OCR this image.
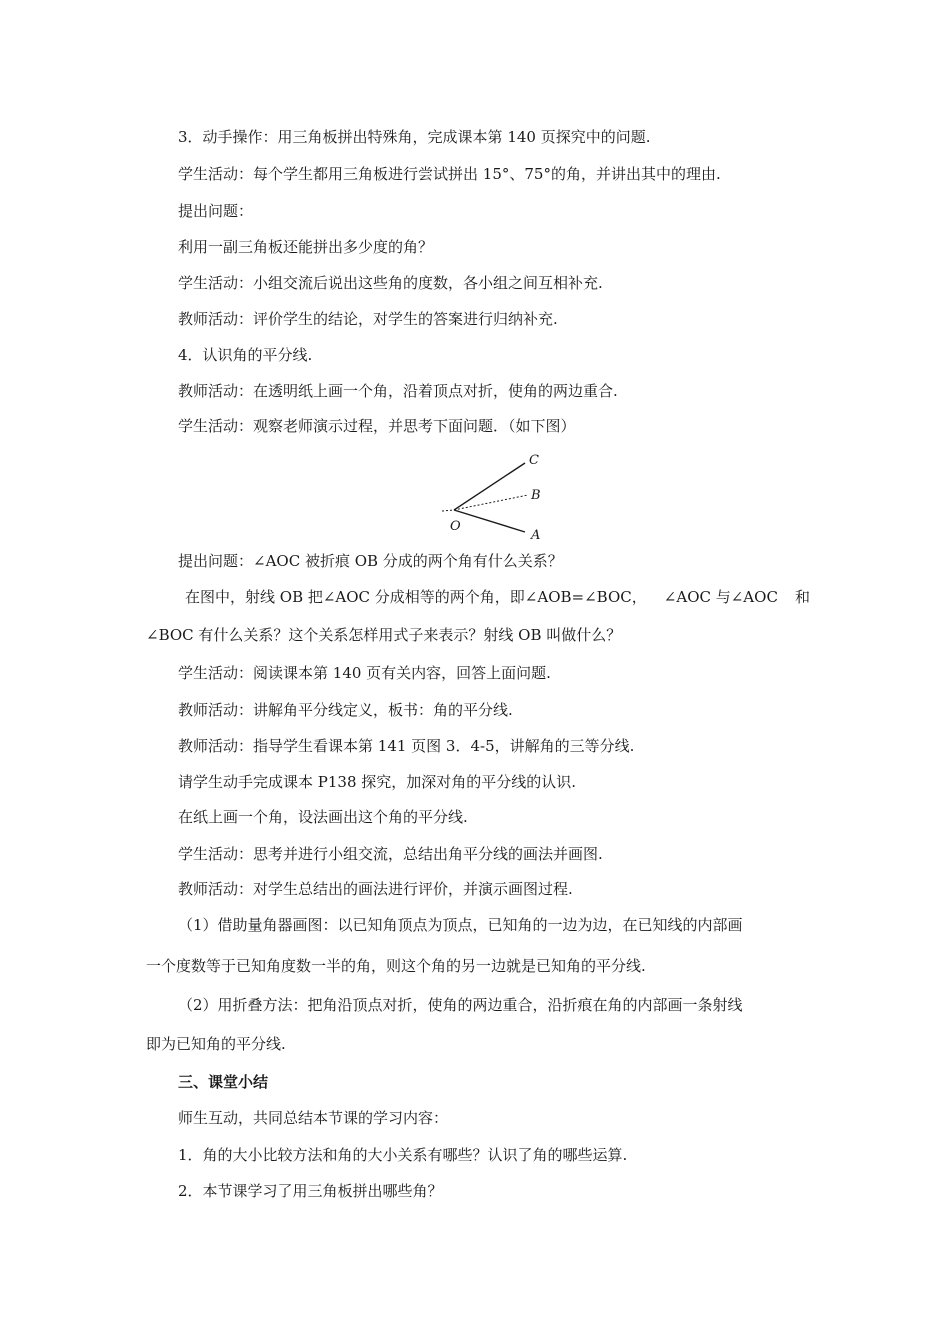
3．动手操作：用三角板拼出特殊角，完成课本第 140 页探究中的问题.
学生活动：每个学生都用三角板进行尝试拼出 15°、75°的角，并讲出其中的理由.
提出问题：
利用一副三角板还能拼出多少度的角？
学生活动：小组交流后说出这些角的度数，各小组之间互相补充.
教师活动：评价学生的结论，对学生的答案进行归纳补充.
4．认识角的平分线.
教师活动：在透明纸上画一个角，沿着顶点对折，使角的两边重合.
学生活动：观察老师演示过程，并思考下面问题．（如下图）
C
B
O
A
提出问题：∠AOC 被折痕 OB 分成的两个角有什么关系？
在图中，射线 OB 把∠AOC 分成相等的两个角，即∠AOB=∠BOC， ∠AOC 与∠AOC 和
∠BOC 有什么关系？这个关系怎样用式子来表示？射线 OB 叫做什么？
学生活动：阅读课本第 140 页有关内容，回答上面问题.
教师活动：讲解角平分线定义，板书：角的平分线.
教师活动：指导学生看课本第 141 页图 3．4-5，讲解角的三等分线.
请学生动手完成课本 P138 探究，加深对角的平分线的认识.
在纸上画一个角，设法画出这个角的平分线.
学生活动：思考并进行小组交流，总结出角平分线的画法并画图.
教师活动：对学生总结出的画法进行评价，并演示画图过程.
（1）借助量角器画图：以已知角顶点为顶点，已知角的一边为边，在已知线的内部画
一个度数等于已知角度数一半的角，则这个角的另一边就是已知角的平分线.
（2）用折叠方法：把角沿顶点对折，使角的两边重合，沿折痕在角的内部画一条射线
即为已知角的平分线.
三、课堂小结
师生互动，共同总结本节课的学习内容：
1．角的大小比较方法和角的大小关系有哪些？认识了角的哪些运算.
2．本节课学习了用三角板拼出哪些角？
